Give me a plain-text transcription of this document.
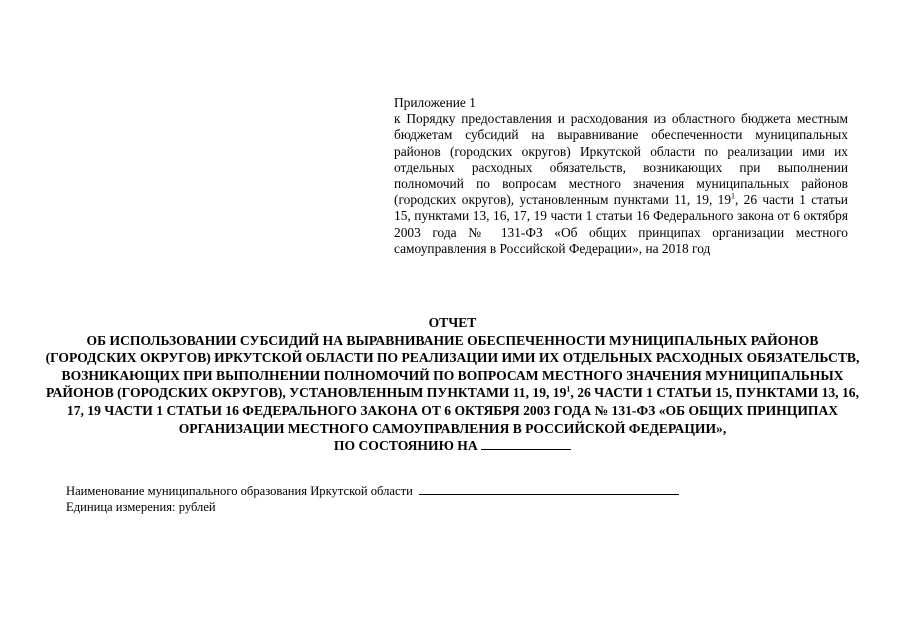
Приложение 1
к Порядку предоставления и расходования из областного бюджета местным бюджетам субсидий на выравнивание обеспеченности муниципальных районов (городских округов) Иркутской области по реализации ими их отдельных расходных обязательств, возникающих при выполнении полномочий по вопросам местного значения муниципальных районов (городских округов), установленным пунктами 11, 19, $19^1$, 26 части 1 статьи 15, пунктами 13, 16, 17, 19 части 1 статьи 16 Федерального закона от 6 октября 2003 года № 131-ФЗ «Об общих принципах организации местного самоуправления в Российской Федерации», на 2018 год
ОТЧЕТ
ОБ ИСПОЛЬЗОВАНИИ СУБСИДИЙ НА ВЫРАВНИВАНИЕ ОБЕСПЕЧЕННОСТИ МУНИЦИПАЛЬНЫХ РАЙОНОВ (ГОРОДСКИХ ОКРУГОВ) ИРКУТСКОЙ ОБЛАСТИ ПО РЕАЛИЗАЦИИ ИМИ ИХ ОТДЕЛЬНЫХ РАСХОДНЫХ ОБЯЗАТЕЛЬСТВ, ВОЗНИКАЮЩИХ ПРИ ВЫПОЛНЕНИИ ПОЛНОМОЧИЙ ПО ВОПРОСАМ МЕСТНОГО ЗНАЧЕНИЯ МУНИЦИПАЛЬНЫХ РАЙОНОВ (ГОРОДСКИХ ОКРУГОВ), УСТАНОВЛЕННЫМ ПУНКТАМИ 11, 19, $19^1$, 26 ЧАСТИ 1 СТАТЬИ 15, ПУНКТАМИ 13, 16, 17, 19 ЧАСТИ 1 СТАТЬИ 16 ФЕДЕРАЛЬНОГО ЗАКОНА ОТ 6 ОКТЯБРЯ 2003 ГОДА № 131-ФЗ «ОБ ОБЩИХ ПРИНЦИПАХ ОРГАНИЗАЦИИ МЕСТНОГО САМОУПРАВЛЕНИЯ В РОССИЙСКОЙ ФЕДЕРАЦИИ»,
ПО СОСТОЯНИЮ НА
Наименование муниципального образования Иркутской области
Единица измерения: рублей
